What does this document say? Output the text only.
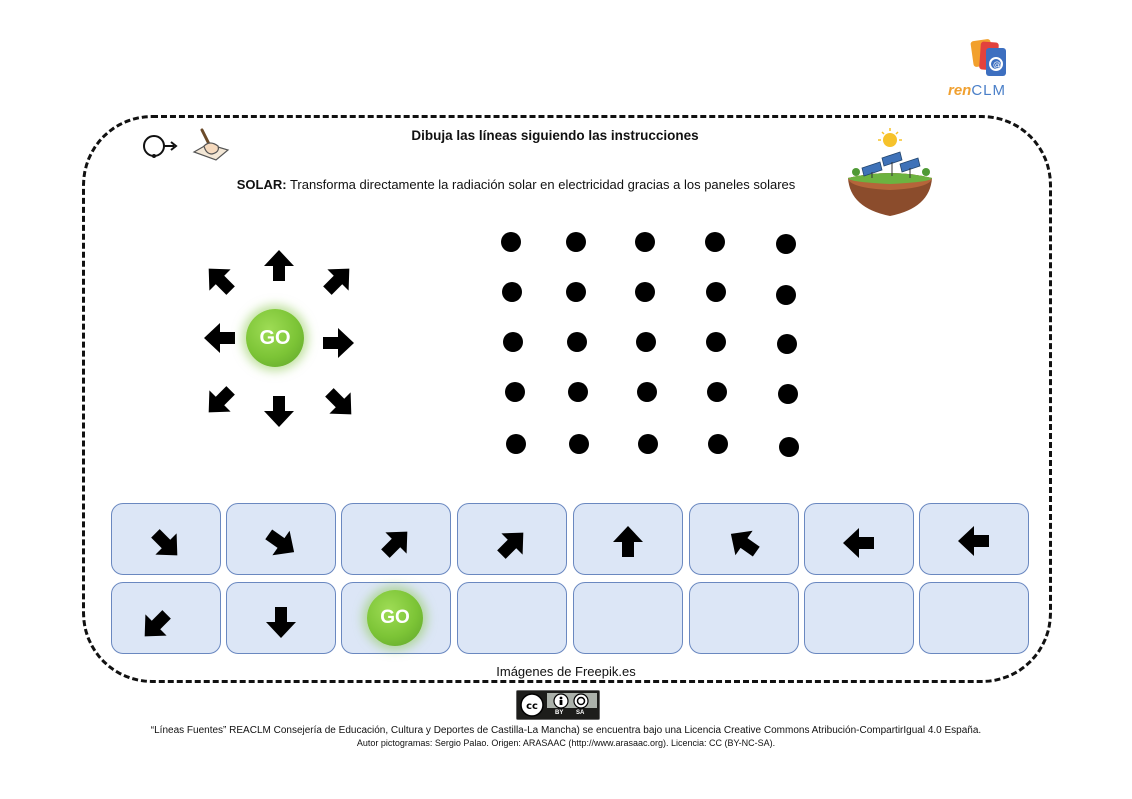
@
renCLM
Dibuja las líneas siguiendo las instrucciones
SOLAR: Transforma directamente la radiación solar en electricidad gracias a los paneles solares
GO
GO
Imágenes de Freepik.es
cc
BY SA
“Líneas Fuentes” REACLM Consejería de Educación, Cultura y Deportes de Castilla-La Mancha) se encuentra bajo una Licencia Creative Commons Atribución-CompartirIgual 4.0 España.
Autor pictogramas: Sergio Palao. Origen: ARASAAC (http://www.arasaac.org). Licencia: CC (BY-NC-SA).
